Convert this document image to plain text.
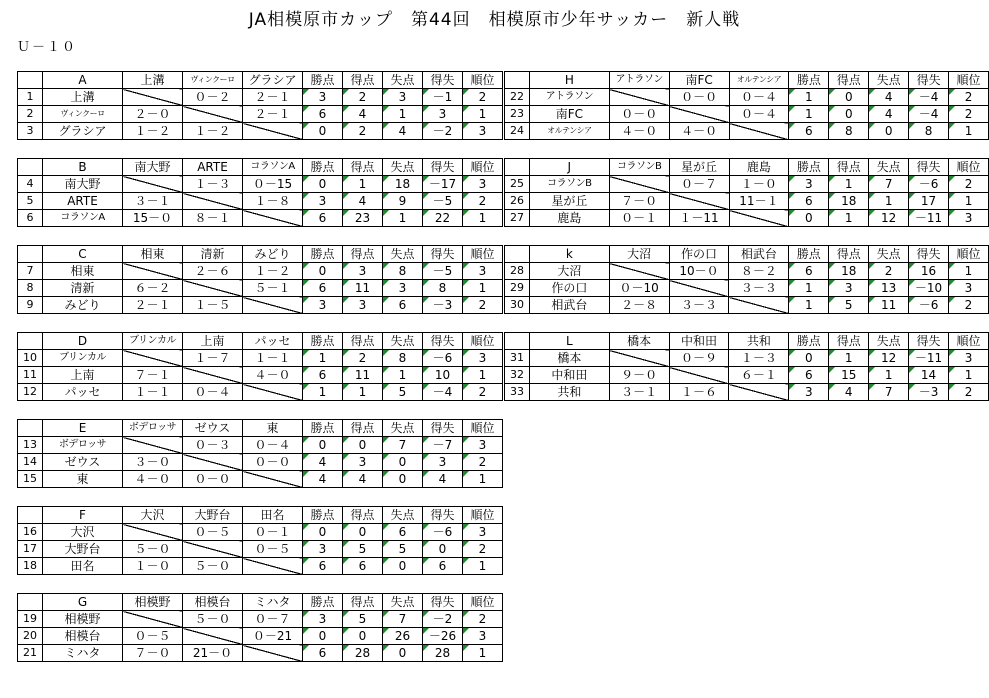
JA相模原市カップ　第44回　相模原市少年サッカー　新人戦
Ｕ－１０
	A	上溝	ヴィンクーロ	グラシア	勝点	得点	失点	得失	順位
1	上溝		０－２	２－１	3	2	3	－1	2
2	ヴィンクーロ	２－０		２－１	6	4	1	3	1
3	グラシア	１－２	１－２		0	2	4	－2	3
	B	南大野	ARTE	コラソンA	勝点	得点	失点	得失	順位
4	南大野		１－３	０－15	0	1	18	－17	3
5	ARTE	３－１		１－８	3	4	9	－5	2
6	コラソンA	15－０	８－１		6	23	1	22	1
	C	相東	清新	みどり	勝点	得点	失点	得失	順位
7	相東		２－６	１－２	0	3	8	－5	3
8	清新	６－２		５－１	6	11	3	8	1
9	みどり	２－１	１－５		3	3	6	－3	2
	D	ブリンカル	上南	パッセ	勝点	得点	失点	得失	順位
10	ブリンカル		１－７	１－１	1	2	8	－6	3
11	上南	７－１		４－０	6	11	1	10	1
12	パッセ	１－１	０－４		1	1	5	－4	2
	E	ボデロッサ	ゼウス	東	勝点	得点	失点	得失	順位
13	ボデロッサ		０－３	０－４	0	0	7	－7	3
14	ゼウス	３－０		０－０	4	3	0	3	2
15	東	４－０	０－０		4	4	0	4	1
	F	大沢	大野台	田名	勝点	得点	失点	得失	順位
16	大沢		０－５	０－１	0	0	6	－6	3
17	大野台	５－０		０－５	3	5	5	0	2
18	田名	１－０	５－０		6	6	0	6	1
	G	相模野	相模台	ミハタ	勝点	得点	失点	得失	順位
19	相模野		５－０	０－７	3	5	7	－2	2
20	相模台	０－５		０－21	0	0	26	－26	3
21	ミハタ	７－０	21－０		6	28	0	28	1
	H	アトラソン	南FC	オルテンシア	勝点	得点	失点	得失	順位
22	アトラソン		０－０	０－４	1	0	4	－4	2
23	南FC	０－０		０－４	1	0	4	－4	2
24	オルテンシア	４－０	４－０		6	8	0	8	1
	J	コラソンB	星が丘	鹿島	勝点	得点	失点	得失	順位
25	コラソンB		０－７	１－０	3	1	7	－6	2
26	星が丘	７－０		11－１	6	18	1	17	1
27	鹿島	０－１	１－11		0	1	12	－11	3
	k	大沼	作の口	相武台	勝点	得点	失点	得失	順位
28	大沼		10－０	８－２	6	18	2	16	1
29	作の口	０－10		３－３	1	3	13	－10	3
30	相武台	２－８	３－３		1	5	11	－6	2
	L	橋本	中和田	共和	勝点	得点	失点	得失	順位
31	橋本		０－９	１－３	0	1	12	－11	3
32	中和田	９－０		６－１	6	15	1	14	1
33	共和	３－１	１－６		3	4	7	－3	2
